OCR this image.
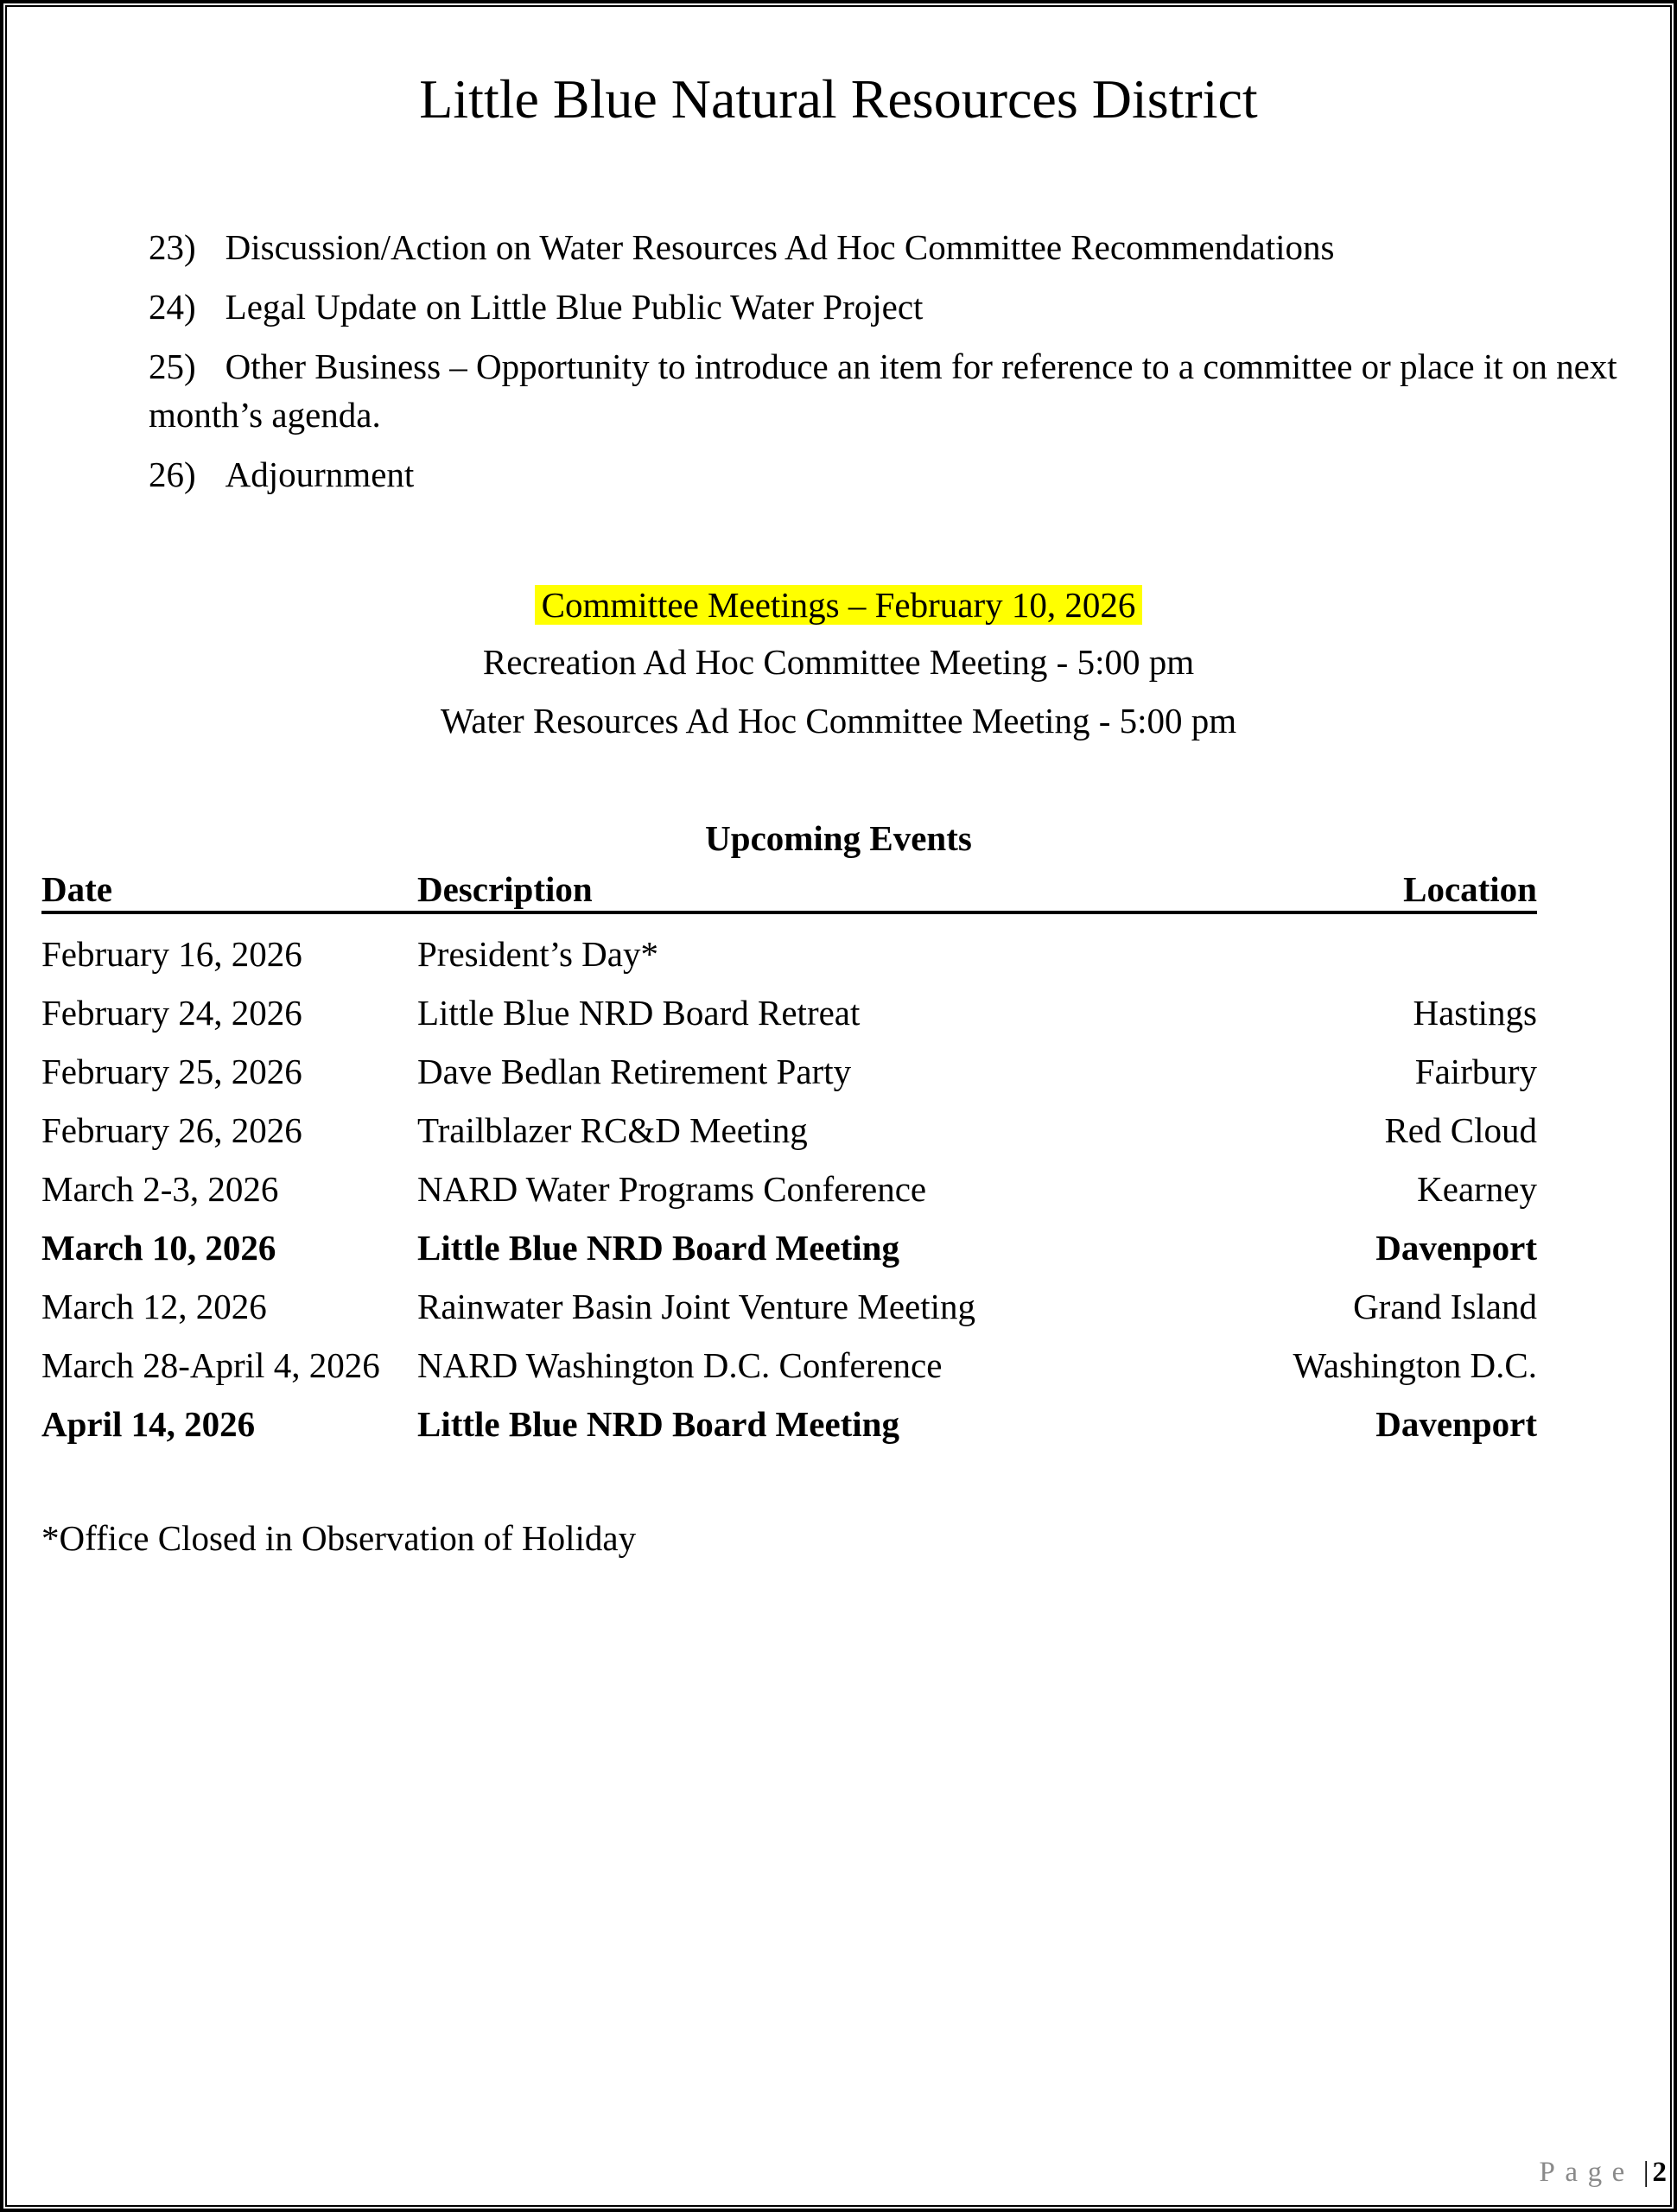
Little Blue Natural Resources District

23) Discussion/Action on Water Resources Ad Hoc Committee Recommendations

24) Legal Update on Little Blue Public Water Project

25) Other Business – Opportunity to introduce an item for reference to a committee or place it on next month’s agenda.

26) Adjournment

Committee Meetings – February 10, 2026

Recreation Ad Hoc Committee Meeting - 5:00 pm
Water Resources Ad Hoc Committee Meeting - 5:00 pm
Upcoming Events
Date	Description	Location
February 16, 2026	President’s Day*
February 24, 2026	Little Blue NRD Board Retreat	Hastings
February 25, 2026	Dave Bedlan Retirement Party	Fairbury
February 26, 2026	Trailblazer RC&D Meeting	Red Cloud
March 2-3, 2026	NARD Water Programs Conference	Kearney
March 10, 2026	Little Blue NRD Board Meeting	Davenport
March 12, 2026	Rainwater Basin Joint Venture Meeting	Grand Island
March 28-April 4, 2026	NARD Washington D.C. Conference	Washington D.C.
April 14, 2026	Little Blue NRD Board Meeting	Davenport

*Office Closed in Observation of Holiday

Page | 2
